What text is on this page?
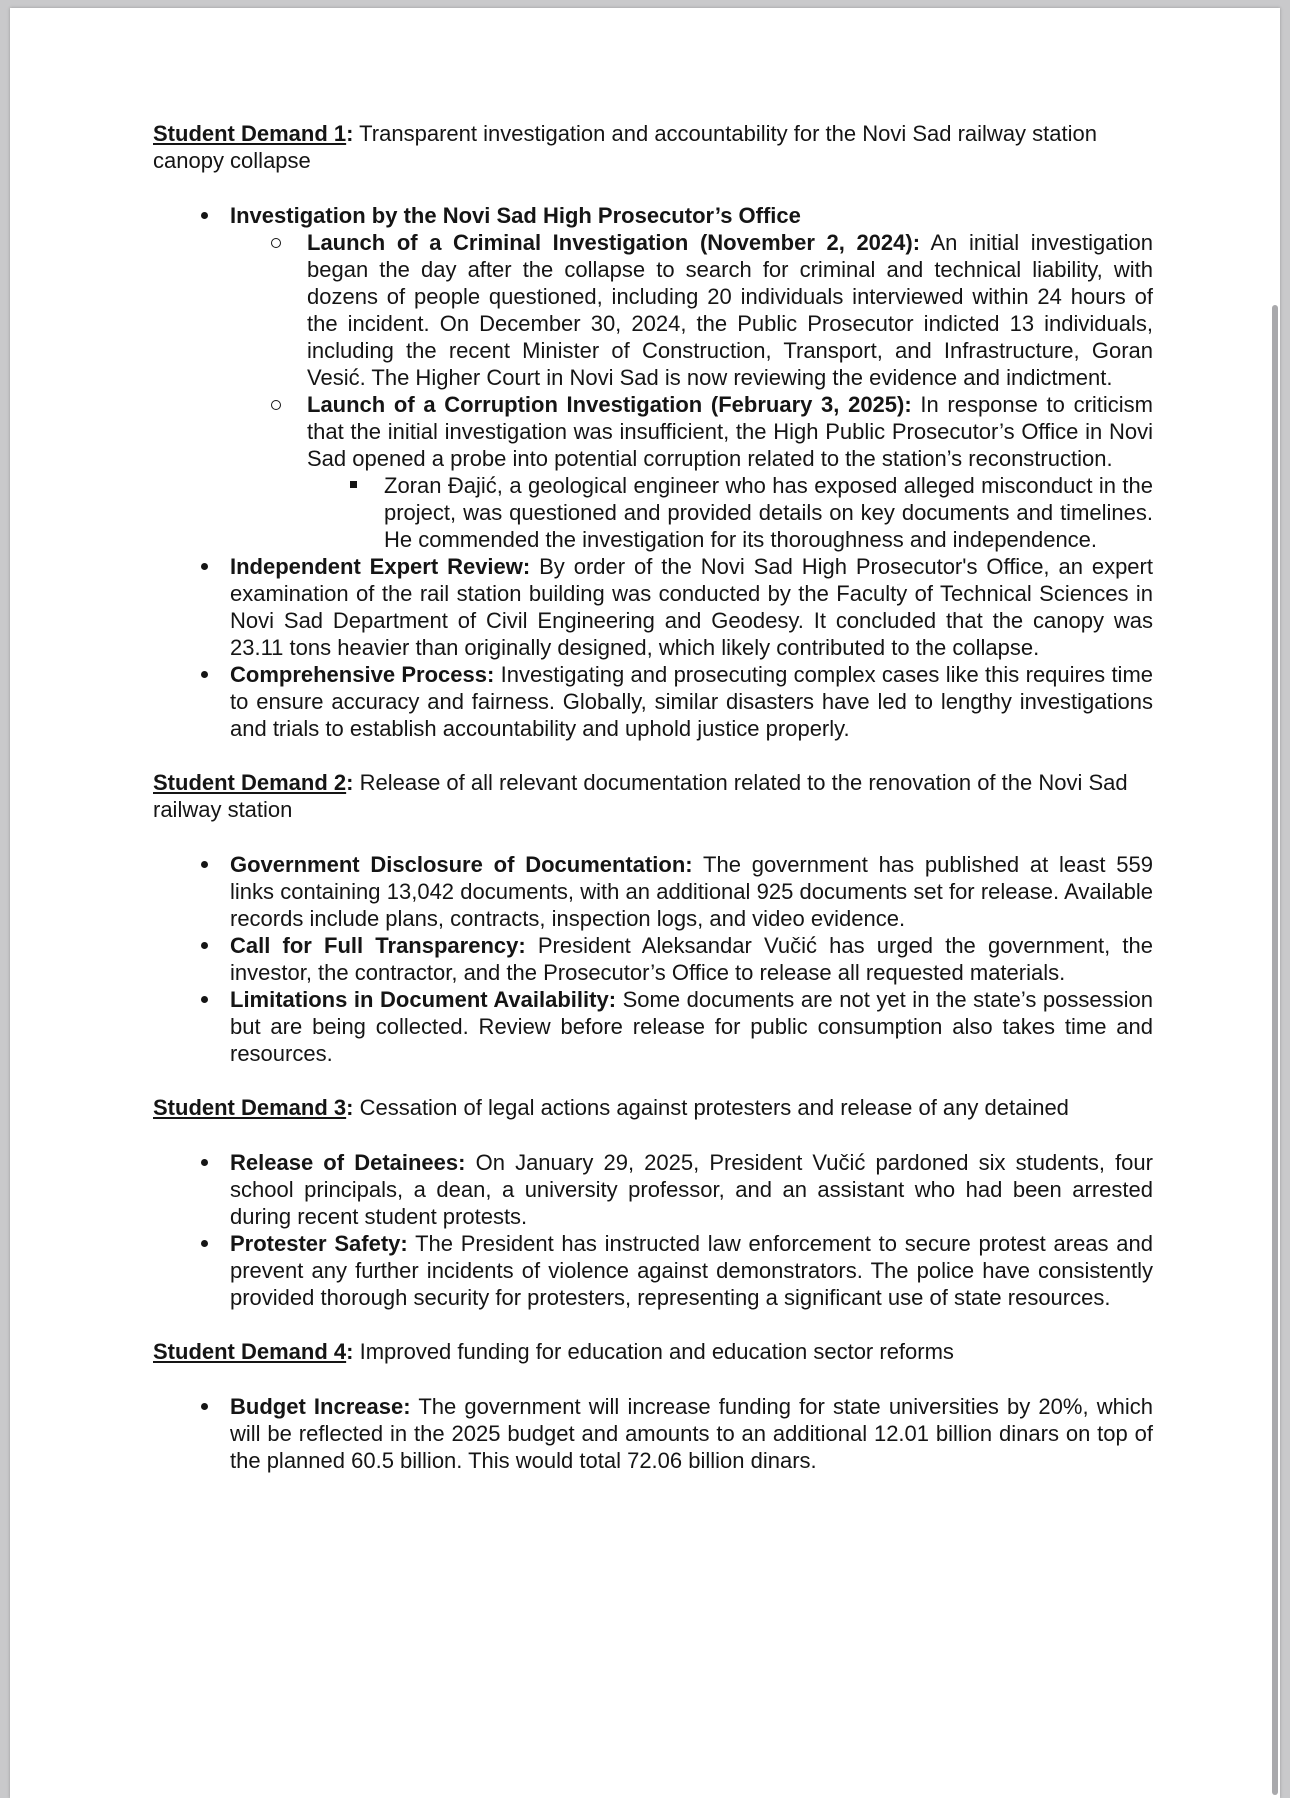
Student Demand 1: Transparent investigation and accountability for the Novi Sad railway station canopy collapse

Investigation by the Novi Sad High Prosecutor’s Office
Launch of a Criminal Investigation (November 2, 2024): An initial investigation began the day after the collapse to search for criminal and technical liability, with dozens of people questioned, including 20 individuals interviewed within 24 hours of the incident. On December 30, 2024, the Public Prosecutor indicted 13 individuals, including the recent Minister of Construction, Transport, and Infrastructure, Goran Vesić. The Higher Court in Novi Sad is now reviewing the evidence and indictment.
Launch of a Corruption Investigation (February 3, 2025): In response to criticism that the initial investigation was insufficient, the High Public Prosecutor’s Office in Novi Sad opened a probe into potential corruption related to the station’s reconstruction.
Zoran Đajić, a geological engineer who has exposed alleged misconduct in the project, was questioned and provided details on key documents and timelines. He commended the investigation for its thoroughness and independence.
Independent Expert Review: By order of the Novi Sad High Prosecutor's Office, an expert examination of the rail station building was conducted by the Faculty of Technical Sciences in Novi Sad Department of Civil Engineering and Geodesy. It concluded that the canopy was 23.11 tons heavier than originally designed, which likely contributed to the collapse.
Comprehensive Process: Investigating and prosecuting complex cases like this requires time to ensure accuracy and fairness. Globally, similar disasters have led to lengthy investigations and trials to establish accountability and uphold justice properly.

Student Demand 2: Release of all relevant documentation related to the renovation of the Novi Sad railway station

Government Disclosure of Documentation: The government has published at least 559 links containing 13,042 documents, with an additional 925 documents set for release. Available records include plans, contracts, inspection logs, and video evidence.
Call for Full Transparency: President Aleksandar Vučić has urged the government, the investor, the contractor, and the Prosecutor’s Office to release all requested materials.
Limitations in Document Availability: Some documents are not yet in the state’s possession but are being collected. Review before release for public consumption also takes time and resources.

Student Demand 3: Cessation of legal actions against protesters and release of any detained

Release of Detainees: On January 29, 2025, President Vučić pardoned six students, four school principals, a dean, a university professor, and an assistant who had been arrested during recent student protests.
Protester Safety: The President has instructed law enforcement to secure protest areas and prevent any further incidents of violence against demonstrators. The police have consistently provided thorough security for protesters, representing a significant use of state resources.

Student Demand 4: Improved funding for education and education sector reforms

Budget Increase: The government will increase funding for state universities by 20%, which will be reflected in the 2025 budget and amounts to an additional 12.01 billion dinars on top of the planned 60.5 billion. This would total 72.06 billion dinars.
